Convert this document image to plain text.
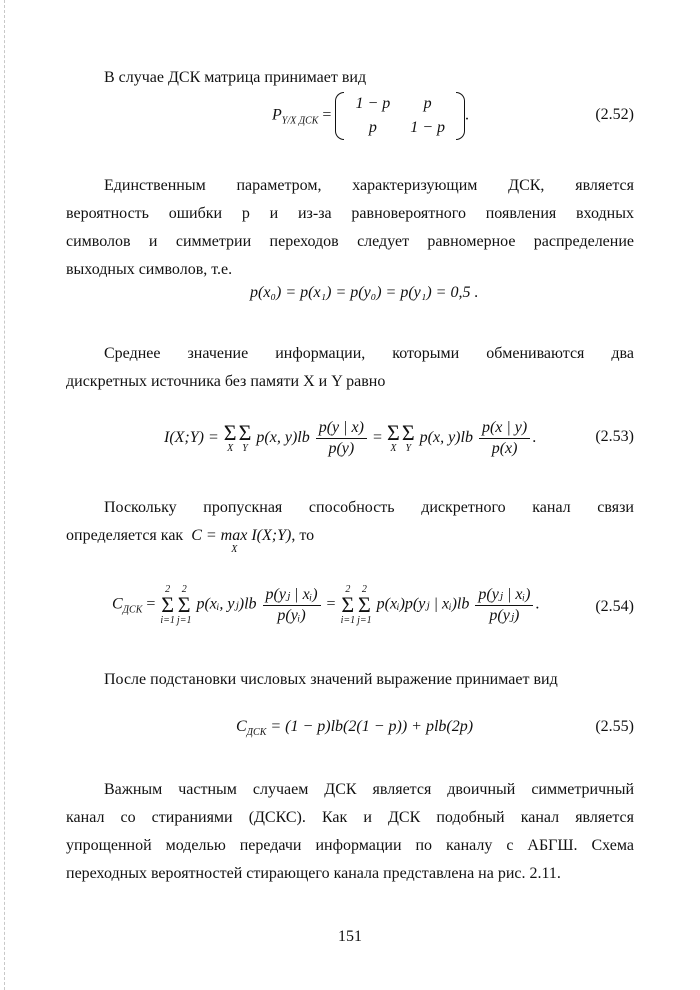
В случае ДСК матрица принимает вид
$P_{Y/X ДСК}$ =
1 − p	p
p	1 − p
.	(2.52)
Единственным параметром, характеризующим ДСК, является
вероятность ошибки p и из-за равновероятного появления входных
символов и симметрии переходов следует равномерное распределение
выходных символов, т.е.
p(x₀) = p(x₁) = p(y₀) = p(y₁) = 0,5 .
Среднее значение информации, которыми обмениваются два
дискретных источника без памяти X и Y равно
I(X;Y) = Σ
X
Σ
Y
p(x, $y)lb \frac{p(y | x)}{p(y)} = \Sigma$
X
Σ
Y
p(x, $y)lb \frac{p(x | y)}{p(x)}$ .	(2.53)
Поскольку пропускная способность дискретного канал связи
определяется как C = max I(X;Y)
X
, то
$C_{ДСК}$ =
2
Σ
i=1
2
Σ
j=1
p(xᵢ, yⱼ)lb $\frac{\text{p(yⱼ | xᵢ)}}{\text{p(yᵢ)}}$ =
2
Σ
i=1
2
Σ
j=1
p(xᵢ)p(yⱼ | xᵢ)lb $\frac{\text{p(yⱼ | xᵢ)}}{\text{p(yⱼ)}}$ .	(2.54)
После подстановки числовых значений выражение принимает вид
$C_{ДСК} = (1 - p)lb(2(1 - p)) + plb(2p)$	(2.55)
Важным частным случаем ДСК является двоичный симметричный
канал со стираниями (ДСКС). Как и ДСК подобный канал является
упрощенной моделью передачи информации по каналу с АБГШ. Схема
переходных вероятностей стирающего канала представлена на рис. 2.11.
151
